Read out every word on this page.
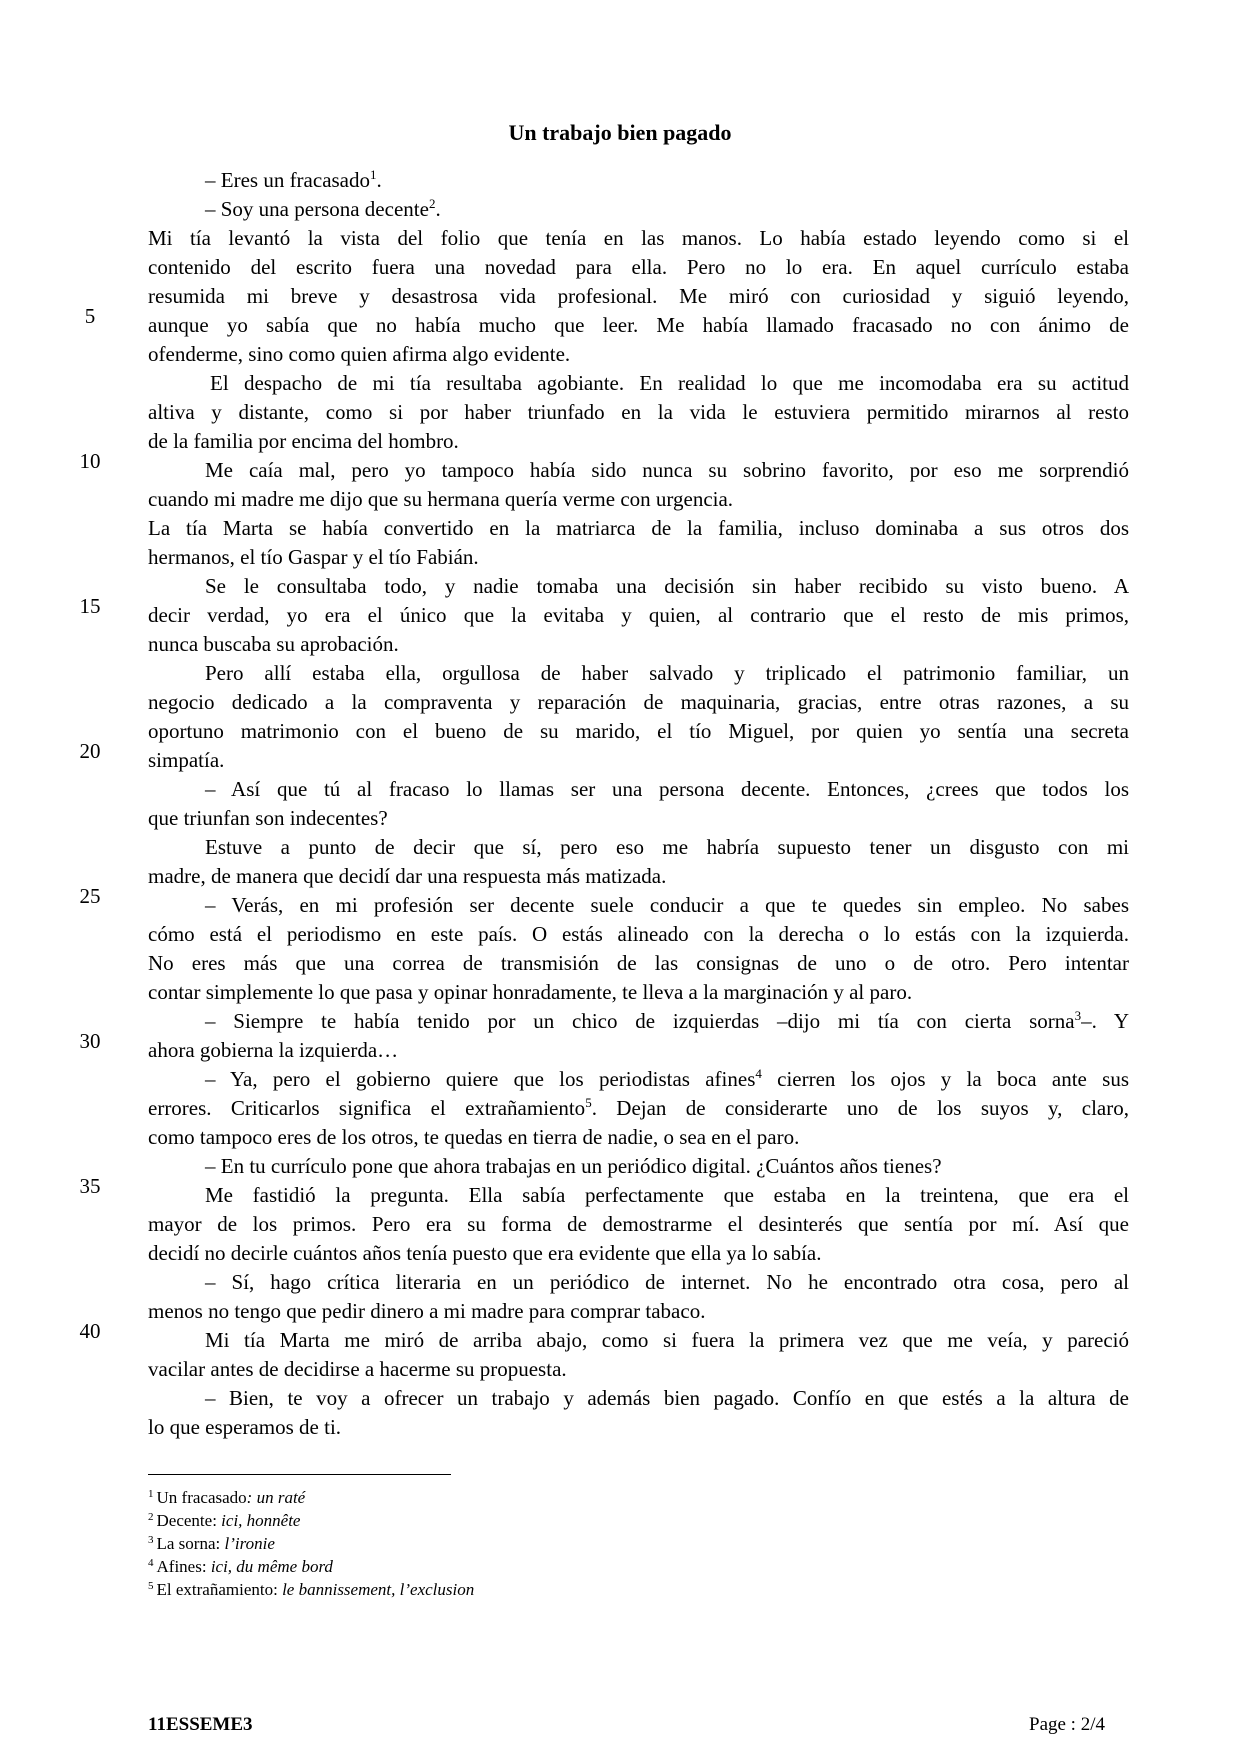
Un trabajo bien pagado
– Eres un fracasado$^1$.
– Soy una persona decente$^2$.
Mi tía levantó la vista del folio que tenía en las manos. Lo había estado leyendo como si el
contenido del escrito fuera una novedad para ella. Pero no lo era. En aquel currículo estaba
resumida mi breve y desastrosa vida profesional. Me miró con curiosidad y siguió leyendo,
aunque yo sabía que no había mucho que leer. Me había llamado fracasado no con ánimo de
ofenderme, sino como quien afirma algo evidente.
El despacho de mi tía resultaba agobiante. En realidad lo que me incomodaba era su actitud
altiva y distante, como si por haber triunfado en la vida le estuviera permitido mirarnos al resto
de la familia por encima del hombro.
Me caía mal, pero yo tampoco había sido nunca su sobrino favorito, por eso me sorprendió
cuando mi madre me dijo que su hermana quería verme con urgencia.
La tía Marta se había convertido en la matriarca de la familia, incluso dominaba a sus otros dos
hermanos, el tío Gaspar y el tío Fabián.
Se le consultaba todo, y nadie tomaba una decisión sin haber recibido su visto bueno. A
decir verdad, yo era el único que la evitaba y quien, al contrario que el resto de mis primos,
nunca buscaba su aprobación.
Pero allí estaba ella, orgullosa de haber salvado y triplicado el patrimonio familiar, un
negocio dedicado a la compraventa y reparación de maquinaria, gracias, entre otras razones, a su
oportuno matrimonio con el bueno de su marido, el tío Miguel, por quien yo sentía una secreta
simpatía.
– Así que tú al fracaso lo llamas ser una persona decente. Entonces, ¿crees que todos los
que triunfan son indecentes?
Estuve a punto de decir que sí, pero eso me habría supuesto tener un disgusto con mi
madre, de manera que decidí dar una respuesta más matizada.
– Verás, en mi profesión ser decente suele conducir a que te quedes sin empleo. No sabes
cómo está el periodismo en este país. O estás alineado con la derecha o lo estás con la izquierda.
No eres más que una correa de transmisión de las consignas de uno o de otro. Pero intentar
contar simplemente lo que pasa y opinar honradamente, te lleva a la marginación y al paro.
– Siempre te había tenido por un chico de izquierdas –dijo mi tía con cierta sorna$^3$–. Y
ahora gobierna la izquierda…
– Ya, pero el gobierno quiere que los periodistas afines$^4$ cierren los ojos y la boca ante sus
errores. Criticarlos significa el extrañamiento$^5$. Dejan de considerarte uno de los suyos y, claro,
como tampoco eres de los otros, te quedas en tierra de nadie, o sea en el paro.
– En tu currículo pone que ahora trabajas en un periódico digital. ¿Cuántos años tienes?
Me fastidió la pregunta. Ella sabía perfectamente que estaba en la treintena, que era el
mayor de los primos. Pero era su forma de demostrarme el desinterés que sentía por mí. Así que
decidí no decirle cuántos años tenía puesto que era evidente que ella ya lo sabía.
– Sí, hago crítica literaria en un periódico de internet. No he encontrado otra cosa, pero al
menos no tengo que pedir dinero a mi madre para comprar tabaco.
Mi tía Marta me miró de arriba abajo, como si fuera la primera vez que me veía, y pareció
vacilar antes de decidirse a hacerme su propuesta.
– Bien, te voy a ofrecer un trabajo y además bien pagado. Confío en que estés a la altura de
lo que esperamos de ti.
5
10
15
20
25
30
35
40
$^1$ Un fracasado: un raté
$^2$ Decente: ici, honnête
$^3$ La sorna: l’ironie
$^4$ Afines: ici, du même bord
$^5$ El extrañamiento: le bannissement, l’exclusion
11ESSEME3	Page : 2/4
